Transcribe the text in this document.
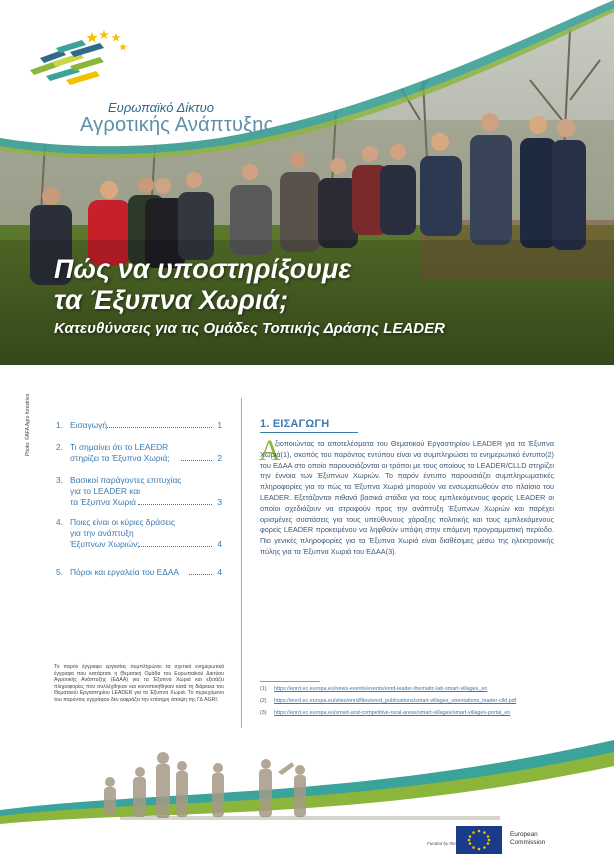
Ευρωπαϊκό Δίκτυο
Αγροτικής Ανάπτυξης
Πώς να υποστηρίξουμε
τα Έξυπνα Χωριά;
Κατευθύνσεις για τις Ομάδες Τοπικής Δράσης LEADER
Photo: ©AFA Agro forestries	1. Εισαγωγή	1
2. Τι σημαίνει ότι το LEAEDR
στηρίζει τα Έξυπνα Χωριά;	2
3. Βασικοί παράγοντες επιτυχίας
για το LEADER και
τα Έξυπνα Χωριά	3
4. Ποιες είναι οι κύριες δράσεις
για την ανάπτυξη
Έξυπνων Χωριών;	4
5. Πόροι και εργαλεία του ΕΔΑΑ	4
Το παρόν έγγραφο εργασίας συμπληρώνει τα σχετικά ενημερωτικά έγγραφα που κατάρτισε η Θεματική Ομάδα του Ευρωπαϊκού Δικτύου Αγροτικής Ανάπτυξης (ΕΔΑΑ) για τα Έξυπνα Χωριά και εξετάζει πληροφορίες που συλλέχθηκαν και κοινοποιήθηκαν κατά τη διάρκεια του Θεματικού Εργαστηρίου LEADER για τα Έξυπνα Χωριά. Το περιεχόμενο του παρόντος εγγράφου δεν εκφράζει την επίσημη άποψη της ΓΔ AGRI.
1. ΕΙΣΑΓΩΓΗ
Α
ξιοποιώντας τα αποτελέσματα του Θεματικού Εργαστηρίου LEADER για τα Έξυπνα Χωριά(1), σκοπός του παρόντος εντύπου είναι να συμπληρώσει το ενημερωτικό έντυπο(2) του ΕΔΑΑ στο οποίο παρουσιάζονται οι τρόποι με τους οποίους το LEADER/CLLD στηρίζει την έννοια των Έξυπνων Χωριών. Το παρόν έντυπο παρουσιάζει συμπληρωματικές πληροφορίες για το πώς τα Έξυπνα Χωριά μπορούν να ενσωματωθούν στο πλαίσιο του LEADER. Εξετάζονται πιθανά βασικά στάδια για τους εμπλεκόμενους φορείς LEADER οι οποίοι σχεδιάζουν να στραφούν προς την ανάπτυξη Έξυπνων Χωριών και παρέχει ορισμένες συστάσεις για τους υπεύθυνους χάραξης πολιτικής και τους εμπλεκόμενους φορείς LEADER προκειμένου να ληφθούν υπόψη στην επόμενη προγραμματική περίοδο. Πιο γενικές πληροφορίες για τα Έξυπνα Χωριά είναι διαθέσιμες μέσω της ηλεκτρονικής πύλης για τα Έξυπνα Χωριά του ΕΔΑΑ(3).
(1) https://enrd.ec.europa.eu/news-events/events/enrd-leader-thematic-lab-smart-villages_en
(2) https://enrd.ec.europa.eu/sites/enrd/files/enrd_publications/smart-villages_orientations_leader-clld.pdf
(3) https://enrd.ec.europa.eu/smart-and-competitive-rural-areas/smart-villages/smart-villages-portal_en
Funded by the
European
Commission
